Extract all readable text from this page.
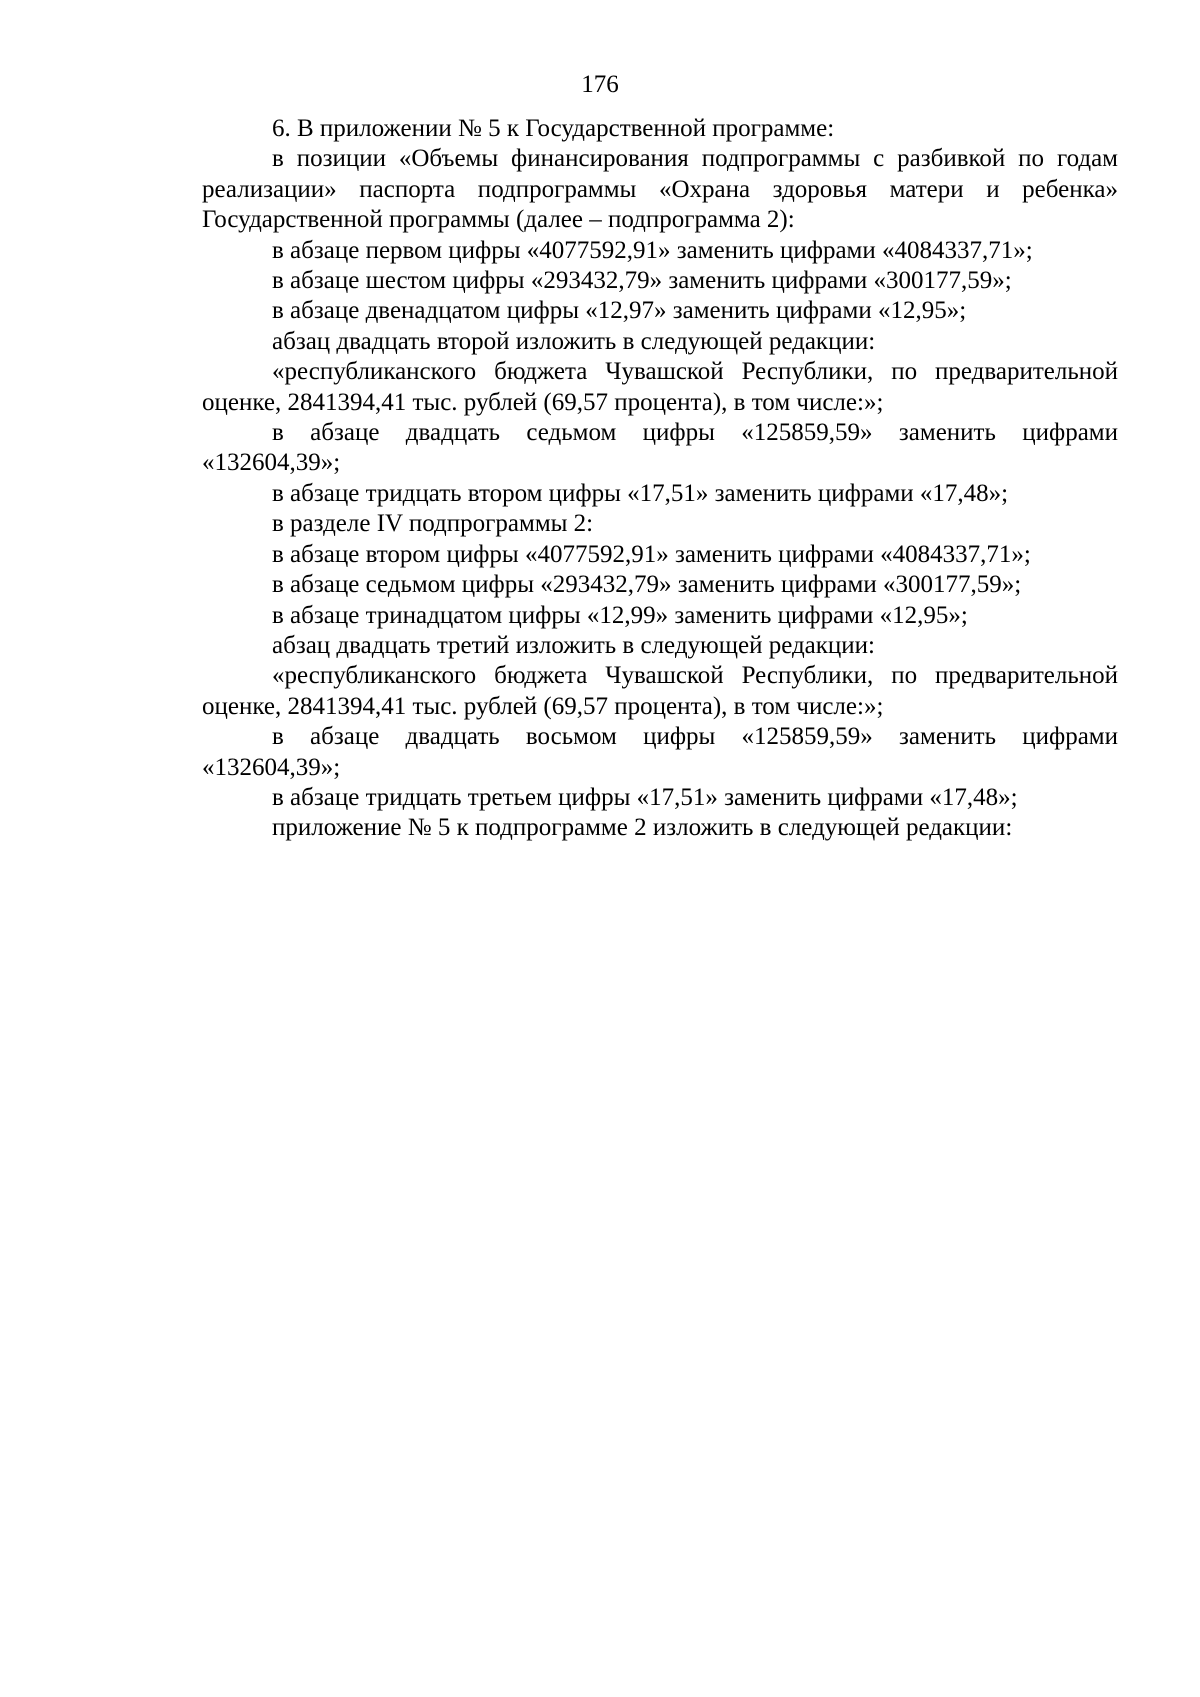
176

6. В приложении № 5 к Государственной программе:

в позиции «Объемы финансирования подпрограммы с разбивкой по годам реализации» паспорта подпрограммы «Охрана здоровья матери и ребенка» Государственной программы (далее – подпрограмма 2):

в абзаце первом цифры «4077592,91» заменить цифрами «4084337,71»;

в абзаце шестом цифры «293432,79» заменить цифрами «300177,59»;

в абзаце двенадцатом цифры «12,97» заменить цифрами «12,95»;

абзац двадцать второй изложить в следующей редакции:

«республиканского бюджета Чувашской Республики, по предварительной оценке, 2841394,41 тыс. рублей (69,57 процента), в том числе:»;

в абзаце двадцать седьмом цифры «125859,59» заменить цифрами «132604,39»;

в абзаце тридцать втором цифры «17,51» заменить цифрами «17,48»;

в разделе IV подпрограммы 2:

в абзаце втором цифры «4077592,91» заменить цифрами «4084337,71»;

в абзаце седьмом цифры «293432,79» заменить цифрами «300177,59»;

в абзаце тринадцатом цифры «12,99» заменить цифрами «12,95»;

абзац двадцать третий изложить в следующей редакции:

«республиканского бюджета Чувашской Республики, по предварительной оценке, 2841394,41 тыс. рублей (69,57 процента), в том числе:»;

в абзаце двадцать восьмом цифры «125859,59» заменить цифрами «132604,39»;

в абзаце тридцать третьем цифры «17,51» заменить цифрами «17,48»;

приложение № 5 к подпрограмме 2 изложить в следующей редакции:
